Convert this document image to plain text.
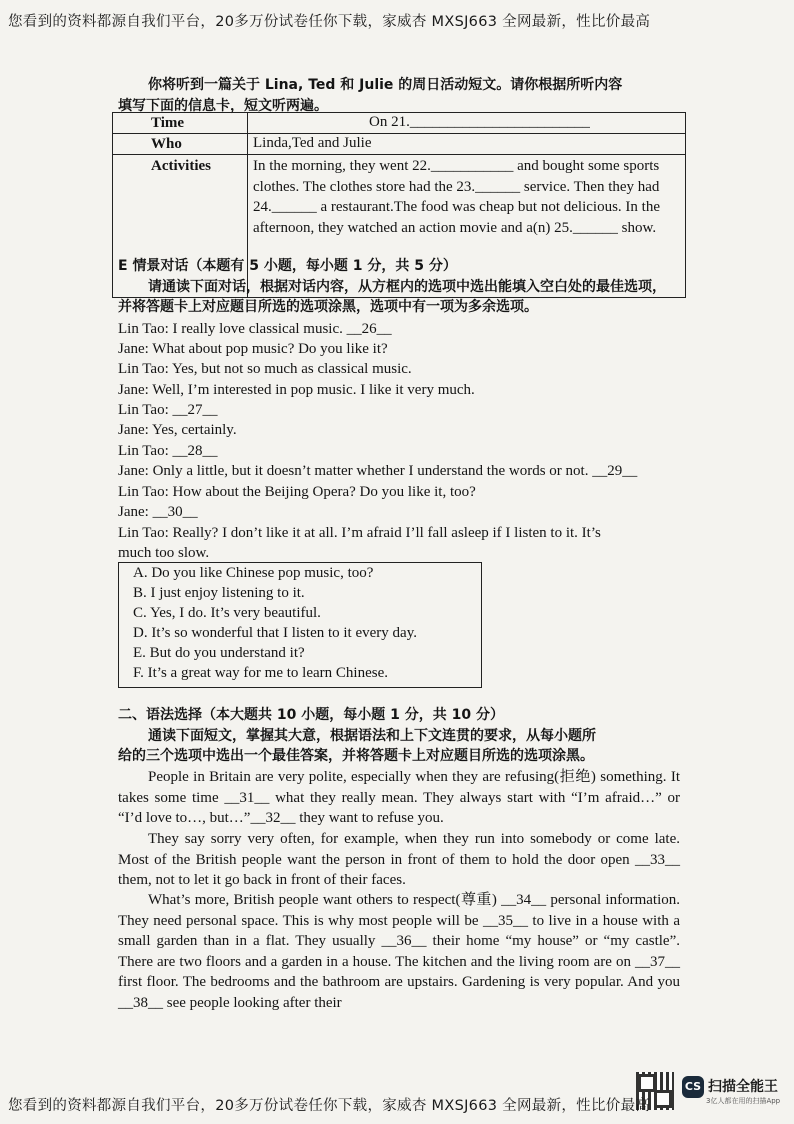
您看到的资料都源自我们平台，20多万份试卷任你下载，家威杏 MXSJ663 全网最新，性比价最高
你将听到一篇关于 Lina, Ted 和 Julie 的周日活动短文。请你根据所听内容
填写下面的信息卡，短文听两遍。
Time	On 21.________________________
Who	Linda,Ted and Julie
Activities	In the morning, they went 22.___________ and bought some sports clothes. The clothes store had the 23.______ service. Then they had 24.______ a restaurant.The food was cheap but not delicious. In the afternoon, they watched an action movie and a(n) 25.______ show.
E 情景对话（本题有 5 小题，每小题 1 分，共 5 分）
请通读下面对话，根据对话内容，从方框内的选项中选出能填入空白处的最佳选项，
并将答题卡上对应题目所选的选项涂黑，选项中有一项为多余选项。
Lin Tao: I really love classical music. __26__
Jane: What about pop music? Do you like it?
Lin Tao: Yes, but not so much as classical music.
Jane: Well, I’m interested in pop music. I like it very much.
Lin Tao: __27__
Jane: Yes, certainly.
Lin Tao: __28__
Jane: Only a little, but it doesn’t matter whether I understand the words or not. __29__
Lin Tao: How about the Beijing Opera? Do you like it, too?
Jane: __30__
Lin Tao: Really? I don’t like it at all. I’m afraid I’ll fall asleep if I listen to it. It’s
much too slow.
A. Do you like Chinese pop music, too?
B. I just enjoy listening to it.
C. Yes, I do. It’s very beautiful.
D. It’s so wonderful that I listen to it every day.
E. But do you understand it?
F. It’s a great way for me to learn Chinese.
二、语法选择（本大题共 10 小题，每小题 1 分，共 10 分）
通读下面短文，掌握其大意，根据语法和上下文连贯的要求，从每小题所
给的三个选项中选出一个最佳答案，并将答题卡上对应题目所选的选项涂黑。
People in Britain are very polite, especially when they are refusing(拒绝) something. It takes some time __31__ what they really mean. They always start with “I’m afraid…” or “I’d love to…, but…”__32__ they want to refuse you.
They say sorry very often, for example, when they run into somebody or come late. Most of the British people want the person in front of them to hold the door open __33__ them, not to let it go back in front of their faces.
What’s more, British people want others to respect(尊重) __34__ personal information. They need personal space. This is why most people will be __35__ to live in a house with a small garden than in a flat. They usually __36__ their home “my house” or “my castle”. There are two floors and a garden in a house. The kitchen and the living room are on __37__ first floor. The bedrooms and the bathroom are upstairs. Gardening is very popular. And you __38__ see people looking after their
CS 扫描全能王
3亿人都在用的扫描App
您看到的资料都源自我们平台，20多万份试卷任你下载，家威杏 MXSJ663 全网最新，性比价最高
